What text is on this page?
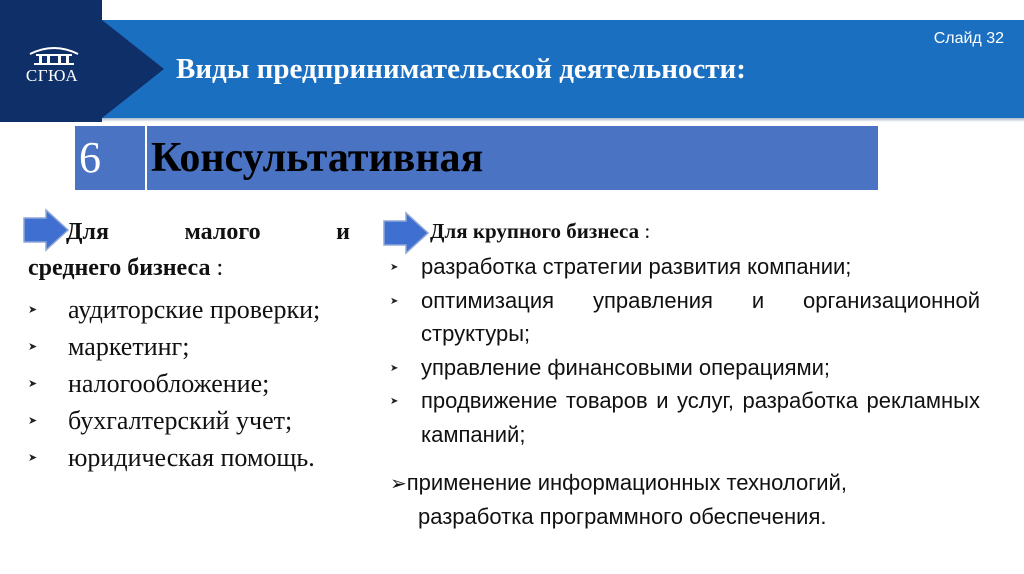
СГЮА
Слайд 32
Виды предпринимательской деятельности:
6	Консультативная
Для	малого	и
среднего бизнеса :
➤ аудиторские проверки;
➤ маркетинг;
➤ налогообложение;
➤ бухгалтерский учет;
➤ юридическая помощь.
Для крупного бизнеса :
➤ разработка стратегии развития компании;
➤ оптимизация управления и организационной структуры;
➤ управление финансовыми операциями;
➤ продвижение товаров и услуг, разработка рекламных кампаний;
➢применение информационных технологий,
разработка программного обеспечения.
